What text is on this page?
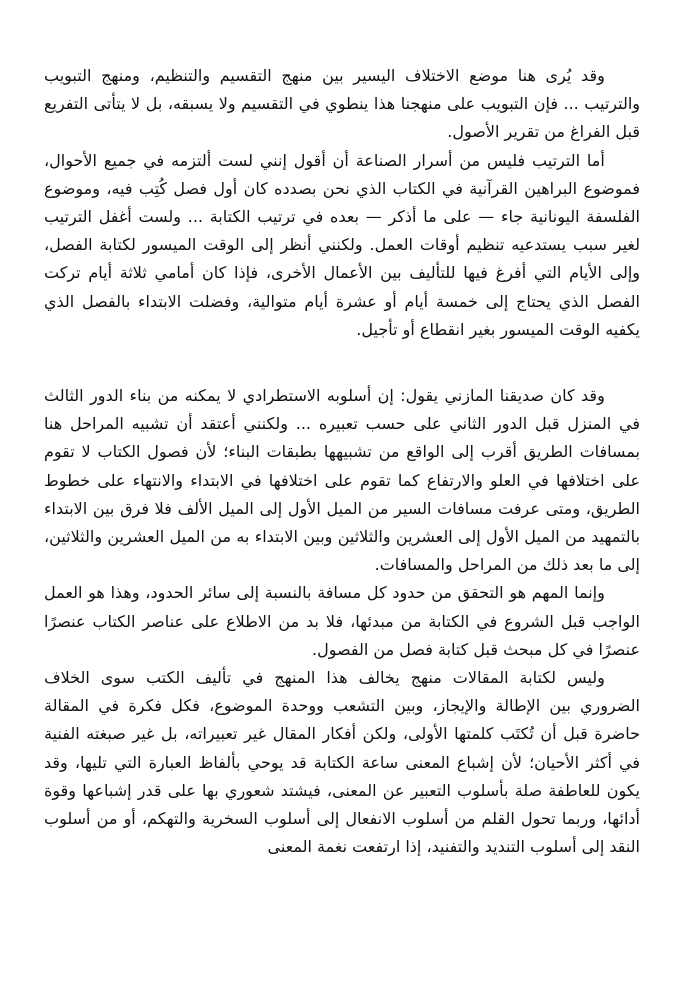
وقد يُرى هنا موضع الاختلاف اليسير بين منهج التقسيم والتنظيم، ومنهج التبويب والترتيب ... فإن التبويب على منهجنا هذا ينطوي في التقسيم ولا يسبقه، بل لا يتأتى التفريع قبل الفراغ من تقرير الأصول.

أما الترتيب فليس من أسرار الصناعة أن أقول إنني لست ألتزمه في جميع الأحوال، فموضوع البراهين القرآنية في الكتاب الذي نحن بصدده كان أول فصل كُتِب فيه، وموضوع الفلسفة اليونانية جاء — على ما أذكر — بعده في ترتيب الكتابة ... ولست أغفل الترتيب لغير سبب يستدعيه تنظيم أوقات العمل. ولكنني أنظر إلى الوقت الميسور لكتابة الفصل، وإلى الأيام التي أفرغ فيها للتأليف بين الأعمال الأخرى، فإذا كان أمامي ثلاثة أيام تركت الفصل الذي يحتاج إلى خمسة أيام أو عشرة أيام متوالية، وفضلت الابتداء بالفصل الذي يكفيه الوقت الميسور بغير انقطاع أو تأجيل.

وقد كان صديقنا المازني يقول: إن أسلوبه الاستطرادي لا يمكنه من بناء الدور الثالث في المنزل قبل الدور الثاني على حسب تعبيره ... ولكنني أعتقد أن تشبيه المراحل هنا بمسافات الطريق أقرب إلى الواقع من تشبيهها بطبقات البناء؛ لأن فصول الكتاب لا تقوم على اختلافها في العلو والارتفاع كما تقوم على اختلافها في الابتداء والانتهاء على خطوط الطريق، ومتى عرفت مسافات السير من الميل الأول إلى الميل الألف فلا فرق بين الابتداء بالتمهيد من الميل الأول إلى العشرين والثلاثين وبين الابتداء به من الميل العشرين والثلاثين، إلى ما بعد ذلك من المراحل والمسافات.

وإنما المهم هو التحقق من حدود كل مسافة بالنسبة إلى سائر الحدود، وهذا هو العمل الواجب قبل الشروع في الكتابة من مبدئها، فلا بد من الاطلاع على عناصر الكتاب عنصرًا عنصرًا في كل مبحث قبل كتابة فصل من الفصول.

وليس لكتابة المقالات منهج يخالف هذا المنهج في تأليف الكتب سوى الخلاف الضروري بين الإطالة والإيجاز، وبين التشعب ووحدة الموضوع، فكل فكرة في المقالة حاضرة قبل أن تُكتَب كلمتها الأولى، ولكن أفكار المقال غير تعبيراته، بل غير صبغته الفنية في أكثر الأحيان؛ لأن إشباع المعنى ساعة الكتابة قد يوحي بألفاظ العبارة التي تليها، وقد يكون للعاطفة صلة بأسلوب التعبير عن المعنى، فيشتد شعوري بها على قدر إشباعها وقوة أدائها، وربما تحول القلم من أسلوب الانفعال إلى أسلوب السخرية والتهكم، أو من أسلوب النقد إلى أسلوب التنديد والتفنيد، إذا ارتفعت نغمة المعنى
